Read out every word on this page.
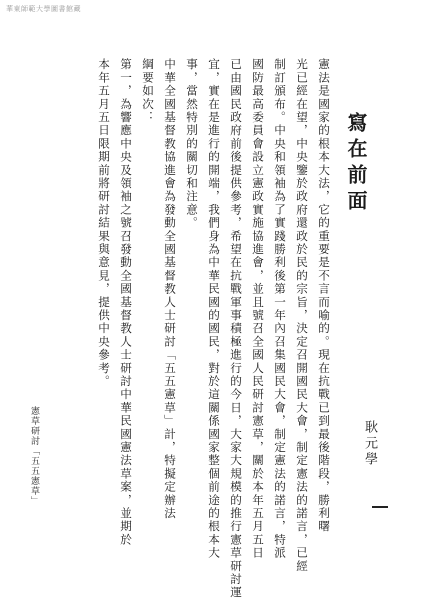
華東師範大學圖書館藏
寫在前面
耿元學
憲法是國家的根本大法，它的重要是不言而喻的。現在抗戰已到最後階段，勝利曙
光已經在望，中央鑒於政府還政於民的宗旨，決定召開國民大會，制定憲法的諾言，已經
制訂頒布。中央和領袖為了實踐勝利後第一年內召集國民大會，制定憲法的諾言，特派
國防最高委員會設立憲政實施協進會，並且號召全國人民研討憲草，關於本年五月五日
已由國民政府前後提供參考，希望在抗戰軍事積極進行的今日，大家大規模的推行憲草研討運
宜，實在是進行的開端，我們身為中華民國的國民，對於這關係國家整個前途的根本大
事，當然特別的關切和注意。
中華全國基督教協進會為發動全國基督教人士研討「五五憲草」計，特擬定辦法
綱要如次：
第一，為響應中央及領袖之號召發動全國基督教人士研討中華民國憲法草案，並期於
本年五月五日限期前將研討結果與意見，提供中央參考。
憲草研討「五五憲草」
